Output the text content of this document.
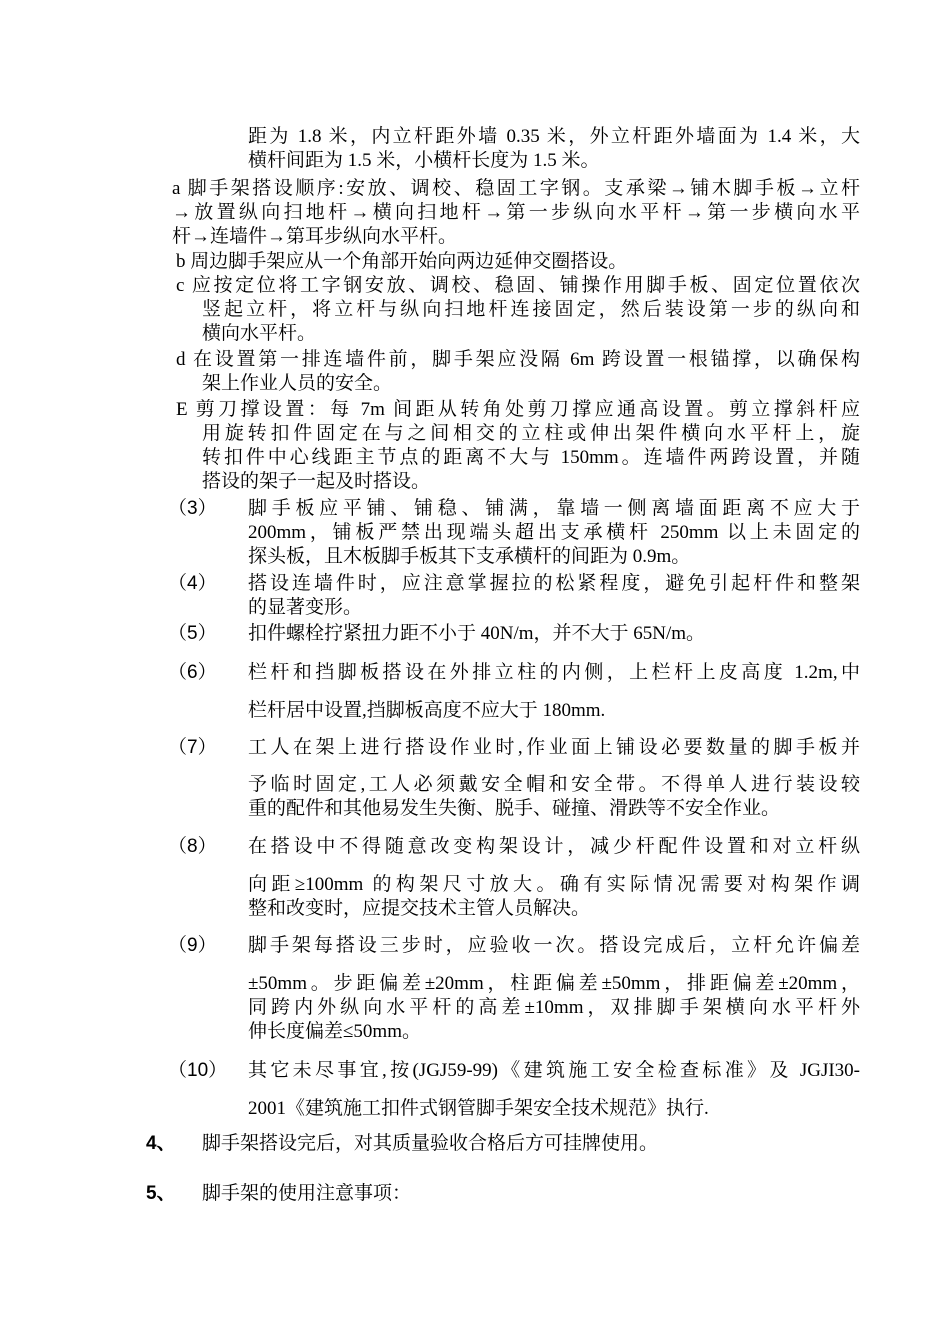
距为 1.8 米，内立杆距外墙 0.35 米，外立杆距外墙面为 1.4 米，大
横杆间距为 1.5 米，小横杆长度为 1.5 米。
a 脚手架搭设顺序:安放、调校、稳固工字钢。支承梁→铺木脚手板→立杆
→放置纵向扫地杆→横向扫地杆→第一步纵向水平杆→第一步横向水平
杆→连墙件→第耳步纵向水平杆。
b 周边脚手架应从一个角部开始向两边延伸交圈搭设。
c 应按定位将工字钢安放、调校、稳固、铺操作用脚手板、固定位置依次
竖起立杆，将立杆与纵向扫地杆连接固定，然后装设第一步的纵向和
横向水平杆。
d 在设置第一排连墙件前，脚手架应没隔 6m 跨设置一根锚撑，以确保构
架上作业人员的安全。
E 剪刀撑设置：每 7m 间距从转角处剪刀撑应通高设置。剪立撑斜杆应
用旋转扣件固定在与之间相交的立柱或伸出架件横向水平杆上，旋
转扣件中心线距主节点的距离不大与 150mm。连墙件两跨设置，并随
搭设的架子一起及时搭设。
（3） 脚手板应平铺、铺稳、铺满，靠墙一侧离墙面距离不应大于
200mm，铺板严禁出现端头超出支承横杆 250mm 以上未固定的
探头板，且木板脚手板其下支承横杆的间距为 0.9m。
（4） 搭设连墙件时，应注意掌握拉的松紧程度，避免引起杆件和整架
的显著变形。
（5） 扣件螺栓拧紧扭力距不小于 40N/m，并不大于 65N/m。
（6） 栏杆和挡脚板搭设在外排立柱的内侧，上栏杆上皮高度 1.2m,中
栏杆居中设置,挡脚板高度不应大于 180mm.
（7） 工人在架上进行搭设作业时,作业面上铺设必要数量的脚手板并
予临时固定,工人必须戴安全帽和安全带。不得单人进行装设较
重的配件和其他易发生失衡、脱手、碰撞、滑跌等不安全作业。
（8） 在搭设中不得随意改变构架设计，减少杆配件设置和对立杆纵
向距≥100mm 的构架尺寸放大。确有实际情况需要对构架作调
整和改变时，应提交技术主管人员解决。
（9） 脚手架每搭设三步时，应验收一次。搭设完成后，立杆允许偏差
±50mm。步距偏差±20mm，柱距偏差±50mm，排距偏差±20mm，
同跨内外纵向水平杆的高差±10mm，双排脚手架横向水平杆外
伸长度偏差≤50mm。
（10） 其它未尽事宜,按(JGJ59-99)《建筑施工安全检查标准》及 JGJI30-
2001《建筑施工扣件式钢管脚手架安全技术规范》执行.
4、 脚手架搭设完后，对其质量验收合格后方可挂牌使用。
5、 脚手架的使用注意事项：
